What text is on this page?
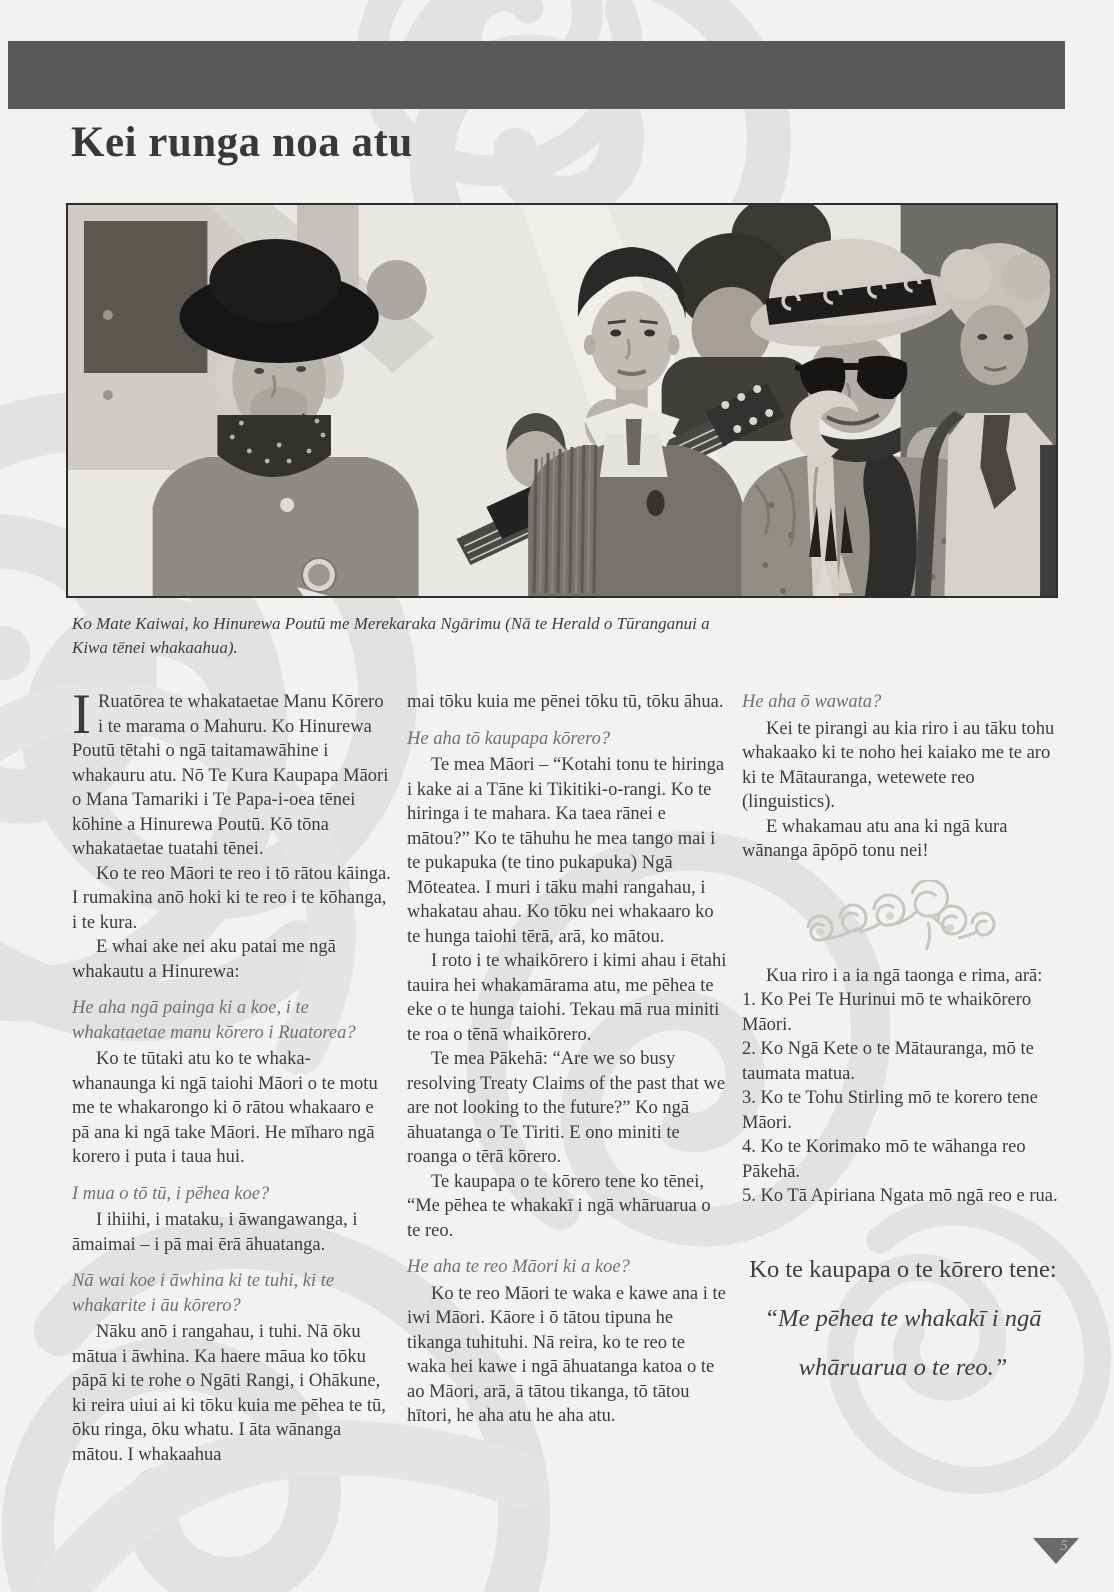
Kei runga noa atu
Ko Mate Kaiwai, ko Hinurewa Poutū me Merekaraka Ngārimu (Nā te Herald o Tūranganui a Kiwa tēnei whakaahua).

I Ruatōrea te whakataetae Manu Kōrero i te marama o Mahuru. Ko Hinurewa Poutū tētahi o ngā taitamawāhine i whakauru atu. Nō Te Kura Kaupapa Māori o Mana Tamariki i Te Papa-i-oea tēnei kōhine a Hinurewa Poutū. Kō tōna whakataetae tuatahi tēnei.

Ko te reo Māori te reo i tō rātou kāinga. I rumakina anō hoki ki te reo i te kōhanga, i te kura.

E whai ake nei aku patai me ngā whakautu a Hinurewa:

He aha ngā painga ki a koe, i te whakataetae manu kōrero i Ruatorea?

Ko te tūtaki atu ko te whaka-whanaunga ki ngā taiohi Māori o te motu me te whakarongo ki ō rātou whakaaro e pā ana ki ngā take Māori. He mīharo ngā korero i puta i taua hui.

I mua o tō tū, i pēhea koe?

I ihiihi, i mataku, i āwangawanga, i āmaimai – i pā mai ērā āhuatanga.

Nā wai koe i āwhina ki te tuhi, ki te whakarite i āu kōrero?

Nāku anō i rangahau, i tuhi. Nā ōku mātua i āwhina. Ka haere māua ko tōku pāpā ki te rohe o Ngāti Rangi, i Ohākune, ki reira uiui ai ki tōku kuia me pēhea te tū, ōku ringa, ōku whatu. I āta wānanga mātou. I whakaahua

mai tōku kuia me pēnei tōku tū, tōku āhua.

He aha tō kaupapa kōrero?

Te mea Māori – “Kotahi tonu te hiringa i kake ai a Tāne ki Tikitiki-o-rangi. Ko te hiringa i te mahara. Ka taea rānei e mātou?” Ko te tāhuhu he mea tango mai i te pukapuka (te tino pukapuka) Ngā Mōteatea. I muri i tāku mahi rangahau, i whakatau ahau. Ko tōku nei whakaaro ko te hunga taiohi tērā, arā, ko mātou.

I roto i te whaikōrero i kimi ahau i ētahi tauira hei whakamārama atu, me pēhea te eke o te hunga taiohi. Tekau mā rua miniti te roa o tēnā whaikōrero.

Te mea Pākehā: “Are we so busy resolving Treaty Claims of the past that we are not looking to the future?” Ko ngā āhuatanga o Te Tiriti. E ono miniti te roanga o tērā kōrero.

Te kaupapa o te kōrero tene ko tēnei, “Me pēhea te whakakī i ngā whāruarua o te reo.

He aha te reo Māori ki a koe?

Ko te reo Māori te waka e kawe ana i te iwi Māori. Kāore i ō tātou tipuna he tikanga tuhituhi. Nā reira, ko te reo te waka hei kawe i ngā āhuatanga katoa o te ao Māori, arā, ā tātou tikanga, tō tātou hītori, he aha atu he aha atu.

He aha ō wawata?

Kei te pirangi au kia riro i au tāku tohu whakaako ki te noho hei kaiako me te aro ki te Mātauranga, wetewete reo (linguistics).

E whakamau atu ana ki ngā kura wānanga āpōpō tonu nei!

Kua riro i a ia ngā taonga e rima, arā:

1. Ko Pei Te Hurinui mō te whaikōrero Māori.

2. Ko Ngā Kete o te Mātauranga, mō te taumata matua.

3. Ko te Tohu Stirling mō te korero tene Māori.

4. Ko te Korimako mō te wāhanga reo Pākehā.

5. Ko Tā Apiriana Ngata mō ngā reo e rua.

Ko te kaupapa o te kōrero tene: “Me pēhea te whakakī i ngā whāruarua o te reo.”
5
